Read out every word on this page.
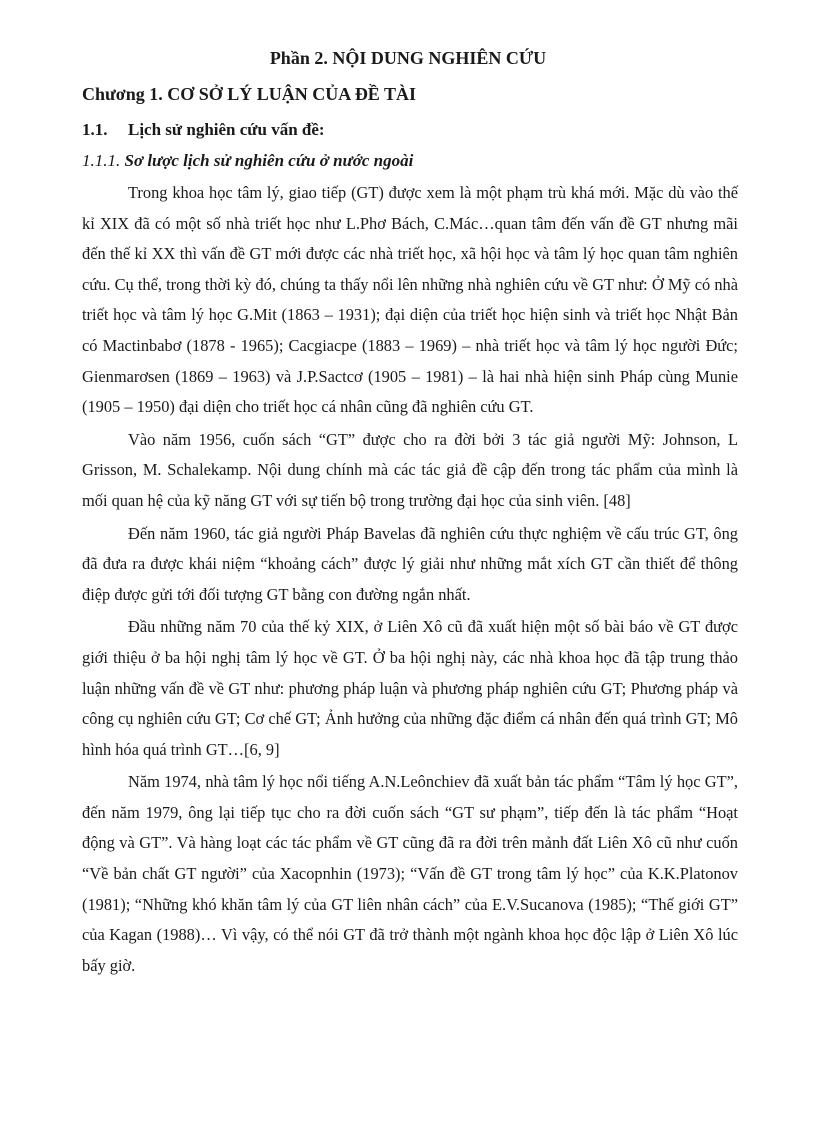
Phần 2. NỘI DUNG NGHIÊN CỨU
Chương 1. CƠ SỞ LÝ LUẬN CỦA ĐỀ TÀI
1.1. Lịch sử nghiên cứu vấn đề:
1.1.1. Sơ lược lịch sử nghiên cứu ở nước ngoài

Trong khoa học tâm lý, giao tiếp (GT) được xem là một phạm trù khá mới. Mặc dù vào thế kỉ XIX đã có một số nhà triết học như L.Phơ Bách, C.Mác…quan tâm đến vấn đề GT nhưng mãi đến thế kỉ XX thì vấn đề GT mới được các nhà triết học, xã hội học và tâm lý học quan tâm nghiên cứu. Cụ thể, trong thời kỳ đó, chúng ta thấy nổi lên những nhà nghiên cứu về GT như: Ở Mỹ có nhà triết học và tâm lý học G.Mit (1863 – 1931); đại diện của triết học hiện sinh và triết học Nhật Bản có Mactinbabơ (1878 - 1965); Cacgiacpe (1883 – 1969) – nhà triết học và tâm lý học người Đức; Gienmarơsen (1869 – 1963) và J.P.Sactcơ (1905 – 1981) – là hai nhà hiện sinh Pháp cùng Munie (1905 – 1950) đại diện cho triết học cá nhân cũng đã nghiên cứu GT.

Vào năm 1956, cuốn sách “GT” được cho ra đời bởi 3 tác giả người Mỹ: Johnson, L Grisson, M. Schalekamp. Nội dung chính mà các tác giả đề cập đến trong tác phẩm của mình là mối quan hệ của kỹ năng GT với sự tiến bộ trong trường đại học của sinh viên. [48]

Đến năm 1960, tác giả người Pháp Bavelas đã nghiên cứu thực nghiệm về cấu trúc GT, ông đã đưa ra được khái niệm “khoảng cách” được lý giải như những mắt xích GT cần thiết để thông điệp được gửi tới đối tượng GT bằng con đường ngắn nhất.

Đầu những năm 70 của thế kỷ XIX, ở Liên Xô cũ đã xuất hiện một số bài báo về GT được giới thiệu ở ba hội nghị tâm lý học về GT. Ở ba hội nghị này, các nhà khoa học đã tập trung thảo luận những vấn đề về GT như: phương pháp luận và phương pháp nghiên cứu GT; Phương pháp và công cụ nghiên cứu GT; Cơ chế GT; Ảnh hưởng của những đặc điểm cá nhân đến quá trình GT; Mô hình hóa quá trình GT…[6, 9]

Năm 1974, nhà tâm lý học nổi tiếng A.N.Leônchiev đã xuất bản tác phẩm “Tâm lý học GT”, đến năm 1979, ông lại tiếp tục cho ra đời cuốn sách “GT sư phạm”, tiếp đến là tác phẩm “Hoạt động và GT”. Và hàng loạt các tác phẩm về GT cũng đã ra đời trên mảnh đất Liên Xô cũ như cuốn “Về bản chất GT người” của Xacopnhin (1973); “Vấn đề GT trong tâm lý học” của K.K.Platonov (1981); “Những khó khăn tâm lý của GT liên nhân cách” của E.V.Sucanova (1985); “Thế giới GT” của Kagan (1988)… Vì vậy, có thể nói GT đã trở thành một ngành khoa học độc lập ở Liên Xô lúc bấy giờ.
